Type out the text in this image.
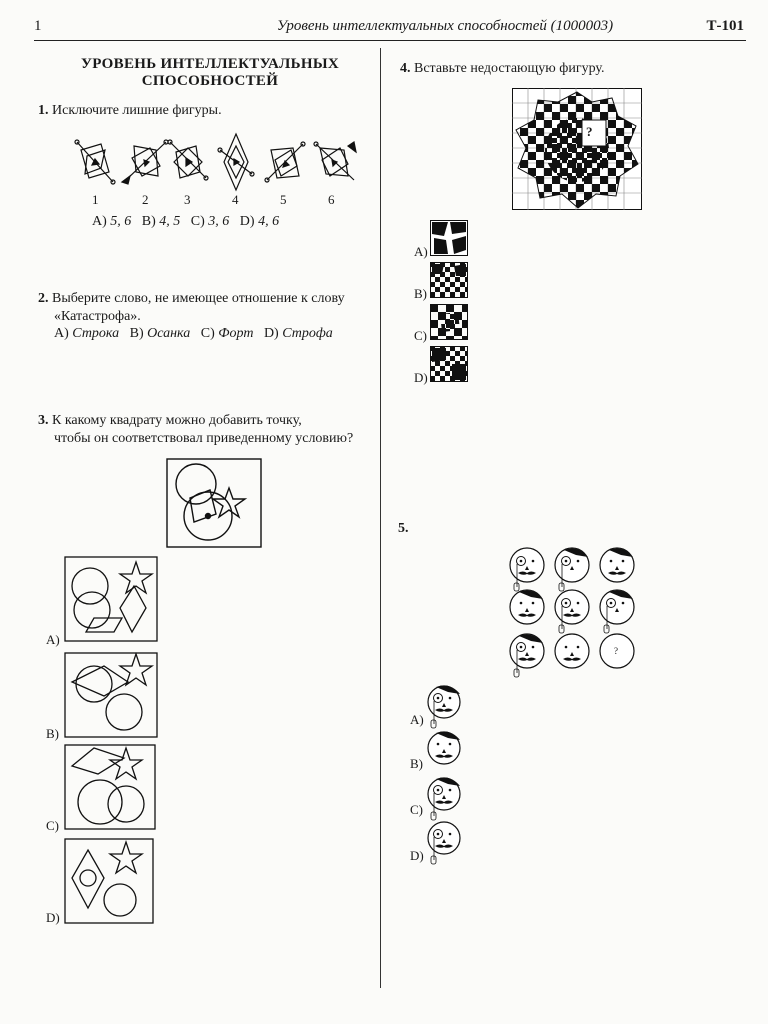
1	Уровень интеллектуальных способностей (1000003)	Т-101
УРОВЕНЬ ИНТЕЛЛЕКТУАЛЬНЫХ
СПОСОБНОСТЕЙ
1. Исключите лишние фигуры.
1	2	3	4	5	6
A) 5, 6 B) 4, 5 C) 3, 6 D) 4, 6
2. Выберите слово, не имеющее отношение к слову
«Катастрофа».
A) Строка B) Осанка C) Форт D) Строфа
3. К какому квадрату можно добавить точку,
чтобы он соответствовал приведенному условию?
A)
B)
C)
D)
4. Вставьте недостающую фигуру.
?
A)
B)
C)
D)
5.
?
A)
B)
C)
D)
